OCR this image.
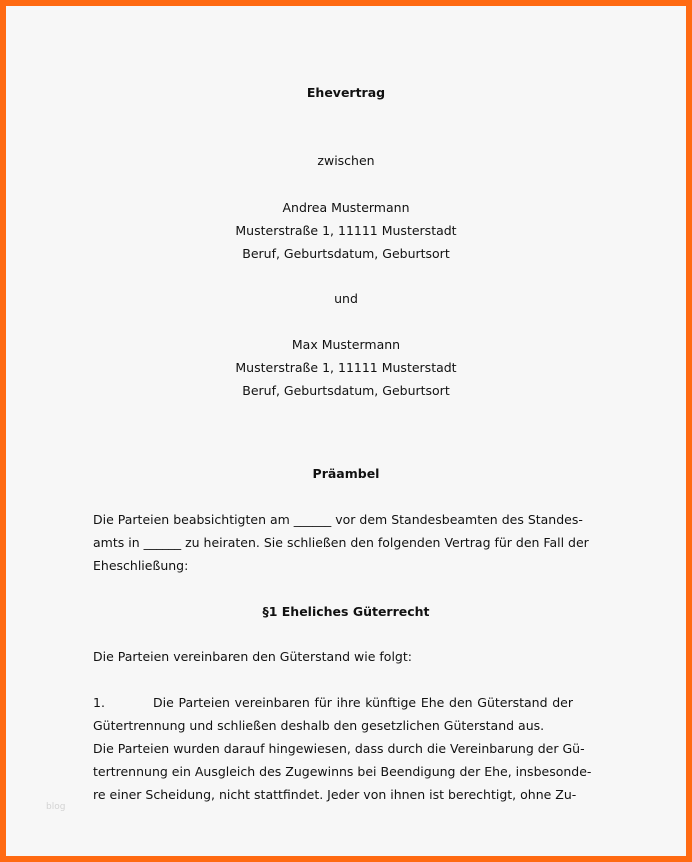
Ehevertrag
zwischen
Andrea Mustermann
Musterstraße 1, 11111 Musterstadt
Beruf, Geburtsdatum, Geburtsort
und
Max Mustermann
Musterstraße 1, 11111 Musterstadt
Beruf, Geburtsdatum, Geburtsort
Präambel
Die Parteien beabsichtigten am ______ vor dem Standesbeamten des Standes-
amts in ______ zu heiraten. Sie schließen den folgenden Vertrag für den Fall der
Eheschließung:
§1 Eheliches Güterrecht
Die Parteien vereinbaren den Güterstand wie folgt:
1.	Die Parteien vereinbaren für ihre künftige Ehe den Güterstand der
Gütertrennung und schließen deshalb den gesetzlichen Güterstand aus.
Die Parteien wurden darauf hingewiesen, dass durch die Vereinbarung der Gü-
tertrennung ein Ausgleich des Zugewinns bei Beendigung der Ehe, insbesonde-
re einer Scheidung, nicht stattfindet. Jeder von ihnen ist berechtigt, ohne Zu-
blog
